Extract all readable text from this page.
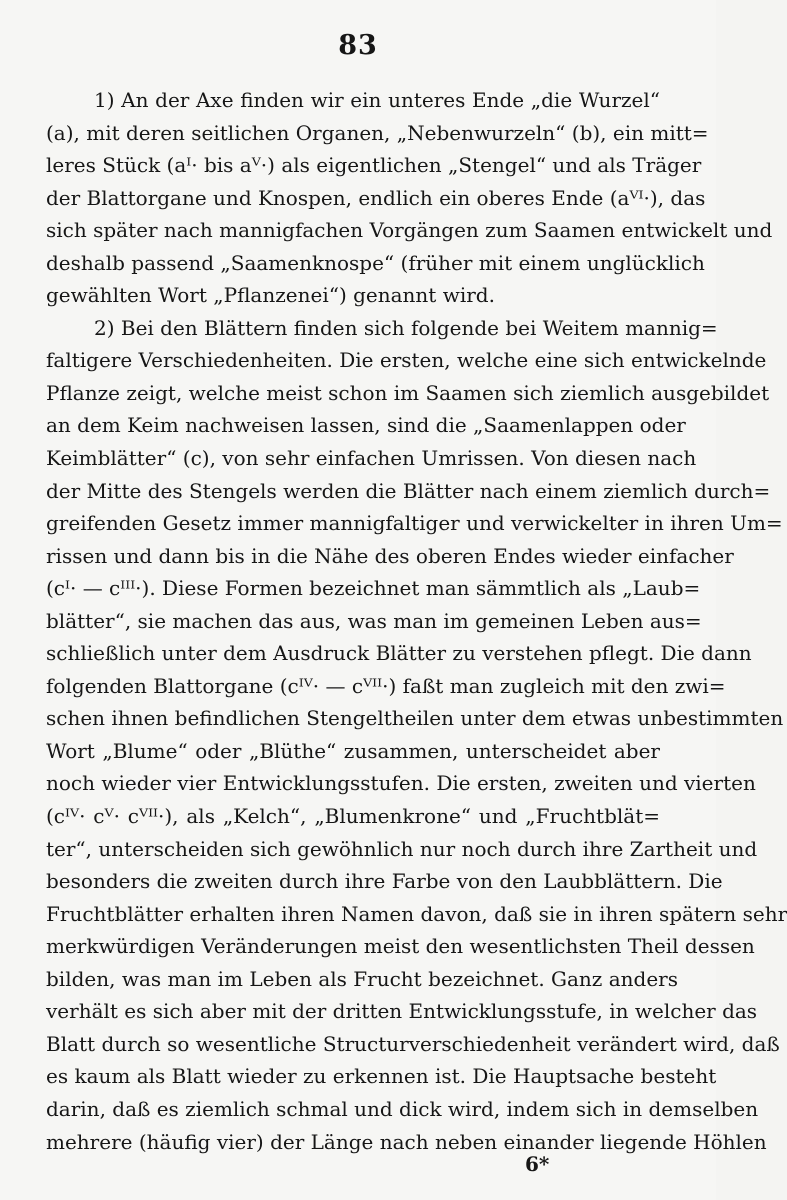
83
1) An der Axe finden wir ein unteres Ende „die Wurzel“
(a), mit deren seitlichen Organen, „Nebenwurzeln“ (b), ein mitt=
leres Stück (aᴵ· bis aⱽ·) als eigentlichen „Stengel“ und als Träger
der Blattorgane und Knospen, endlich ein oberes Ende (aⱽᴵ·), das
sich später nach mannigfachen Vorgängen zum Saamen entwickelt und
deshalb passend „Saamenknospe“ (früher mit einem unglücklich
gewählten Wort „Pflanzenei“) genannt wird.
2) Bei den Blättern finden sich folgende bei Weitem mannig=
faltigere Verschiedenheiten. Die ersten, welche eine sich entwickelnde
Pflanze zeigt, welche meist schon im Saamen sich ziemlich ausgebildet
an dem Keim nachweisen lassen, sind die „Saamenlappen oder
Keimblätter“ (c), von sehr einfachen Umrissen. Von diesen nach
der Mitte des Stengels werden die Blätter nach einem ziemlich durch=
greifenden Gesetz immer mannigfaltiger und verwickelter in ihren Um=
rissen und dann bis in die Nähe des oberen Endes wieder einfacher
(cᴵ· — cᴵᴵᴵ·). Diese Formen bezeichnet man sämmtlich als „Laub=
blätter“, sie machen das aus, was man im gemeinen Leben aus=
schließlich unter dem Ausdruck Blätter zu verstehen pflegt. Die dann
folgenden Blattorgane (cᴵⱽ· — cⱽᴵᴵ·) faßt man zugleich mit den zwi=
schen ihnen befindlichen Stengeltheilen unter dem etwas unbestimmten
Wort „Blume“ oder „Blüthe“ zusammen, unterscheidet aber
noch wieder vier Entwicklungsstufen. Die ersten, zweiten und vierten
(cᴵⱽ· cⱽ· cⱽᴵᴵ·), als „Kelch“, „Blumenkrone“ und „Fruchtblät=
ter“, unterscheiden sich gewöhnlich nur noch durch ihre Zartheit und
besonders die zweiten durch ihre Farbe von den Laubblättern. Die
Fruchtblätter erhalten ihren Namen davon, daß sie in ihren spätern sehr
merkwürdigen Veränderungen meist den wesentlichsten Theil dessen
bilden, was man im Leben als Frucht bezeichnet. Ganz anders
verhält es sich aber mit der dritten Entwicklungsstufe, in welcher das
Blatt durch so wesentliche Structurverschiedenheit verändert wird, daß
es kaum als Blatt wieder zu erkennen ist. Die Hauptsache besteht
darin, daß es ziemlich schmal und dick wird, indem sich in demselben
mehrere (häufig vier) der Länge nach neben einander liegende Höhlen
6*
